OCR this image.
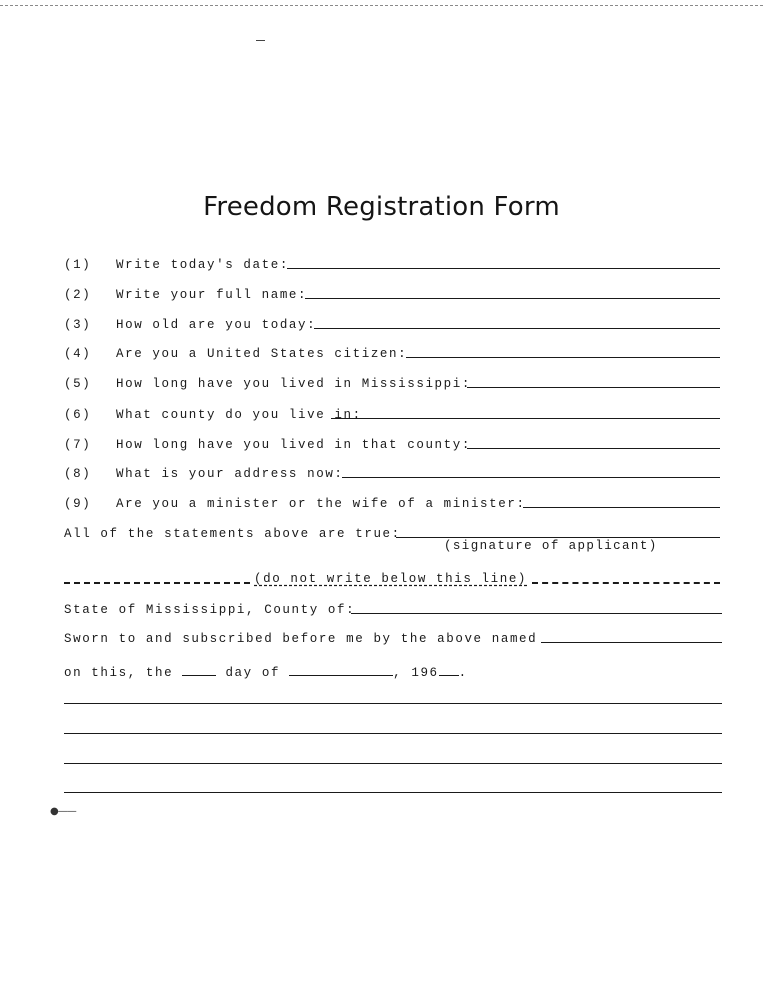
Freedom Registration Form
(1)	Write today's date:
(2)	Write your full name:
(3)	How old are you today:
(4)	Are you a United States citizen:
(5)	How long have you lived in Mississippi:
(6)	What county do you live in:
(7)	How long have you lived in that county:
(8)	What is your address now:
(9)	Are you a minister or the wife of a minister:
All of the statements above are true:
(signature of applicant)
(do not write below this line)
State of Mississippi, County of:
Sworn to and subscribed before me by the above named
on this, the	day of	, 196 .
●——
